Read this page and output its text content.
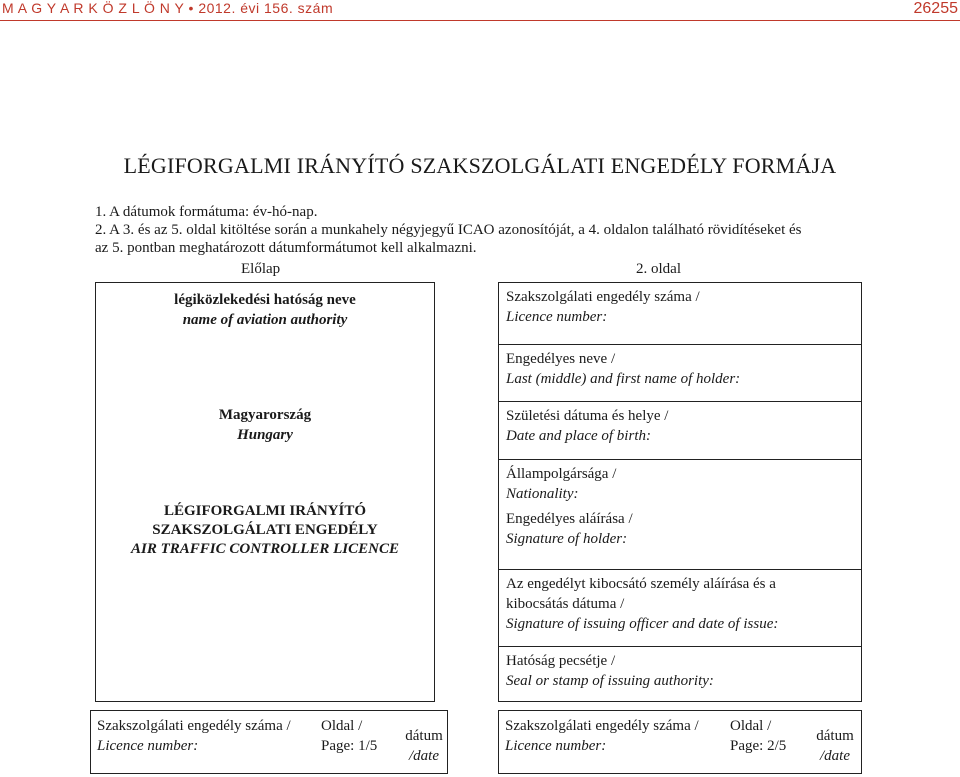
M A G Y A R K Ö Z L Ö N Y • 2012. évi 156. szám	26255
LÉGIFORGALMI IRÁNYÍTÓ SZAKSZOLGÁLATI ENGEDÉLY FORMÁJA
1. A dátumok formátuma: év-hó-nap.
2. A 3. és az 5. oldal kitöltése során a munkahely négyjegyű ICAO azonosítóját, a 4. oldalon található rövidítéseket és
az 5. pontban meghatározott dátumformátumot kell alkalmazni.
Előlap	2. oldal
légiközlekedési hatóság neve
name of aviation authority
Magyarország
Hungary
LÉGIFORGALMI IRÁNYÍTÓ
SZAKSZOLGÁLATI ENGEDÉLY
AIR TRAFFIC CONTROLLER LICENCE
Szakszolgálati engedély száma /
Licence number:
Engedélyes neve /
Last (middle) and first name of holder:
Születési dátuma és helye /
Date and place of birth:
Állampolgársága /
Nationality:
Engedélyes aláírása /
Signature of holder:
Az engedélyt kibocsátó személy aláírása és a
kibocsátás dátuma /
Signature of issuing officer and date of issue:
Hatóság pecsétje /
Seal or stamp of issuing authority:
Szakszolgálati engedély száma /
Licence number:
Oldal /
Page: 1/5
dátum
/date
Szakszolgálati engedély száma /
Licence number:
Oldal /
Page: 2/5
dátum
/date
